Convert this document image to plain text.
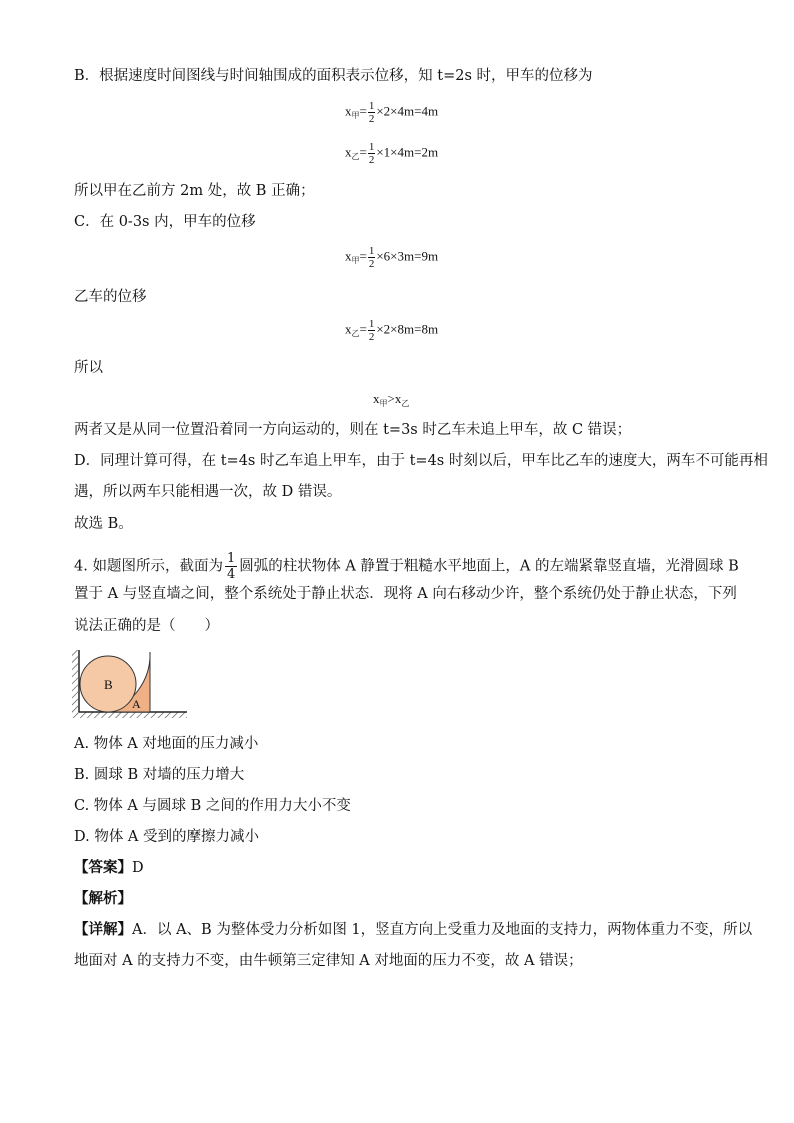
B．根据速度时间图线与时间轴围成的面积表示位移，知 t=2s 时，甲车的位移为
$x_甲= \frac{1}{2} \times 2\times 4m=4m$
$x_乙= \frac{1}{2} \times 1\times 4m=2m$
所以甲在乙前方 2m 处，故 B 正确；
C．在 0-3s 内，甲车的位移
$x_甲= \frac{1}{2} \times 6\times 3m=9m$
乙车的位移
$x_乙= \frac{1}{2} \times 2\times 8m=8m$
所以
$x_甲>x_乙$
两者又是从同一位置沿着同一方向运动的，则在 t=3s 时乙车未追上甲车，故 C 错误；
D．同理计算可得，在 t=4s 时乙车追上甲车，由于 t=4s 时刻以后，甲车比乙车的速度大，两车不可能再相
遇，所以两车只能相遇一次，故 D 错误。
故选 B。
4. 如题图所示，截面为 $\frac{1}{4}$ 圆弧的柱状物体 A 静置于粗糙水平地面上，A 的左端紧靠竖直墙，光滑圆球 B
置于 A 与竖直墙之间，整个系统处于静止状态．现将 A 向右移动少许，整个系统仍处于静止状态，下列
说法正确的是（　　）
B
A
A. 物体 A 对地面的压力减小
B. 圆球 B 对墙的压力增大
C. 物体 A 与圆球 B 之间的作用力大小不变
D. 物体 A 受到的摩擦力减小
【答案】D
【解析】
【详解】A．以 A、B 为整体受力分析如图 1，竖直方向上受重力及地面的支持力，两物体重力不变，所以
地面对 A 的支持力不变，由牛顿第三定律知 A 对地面的压力不变，故 A 错误；
